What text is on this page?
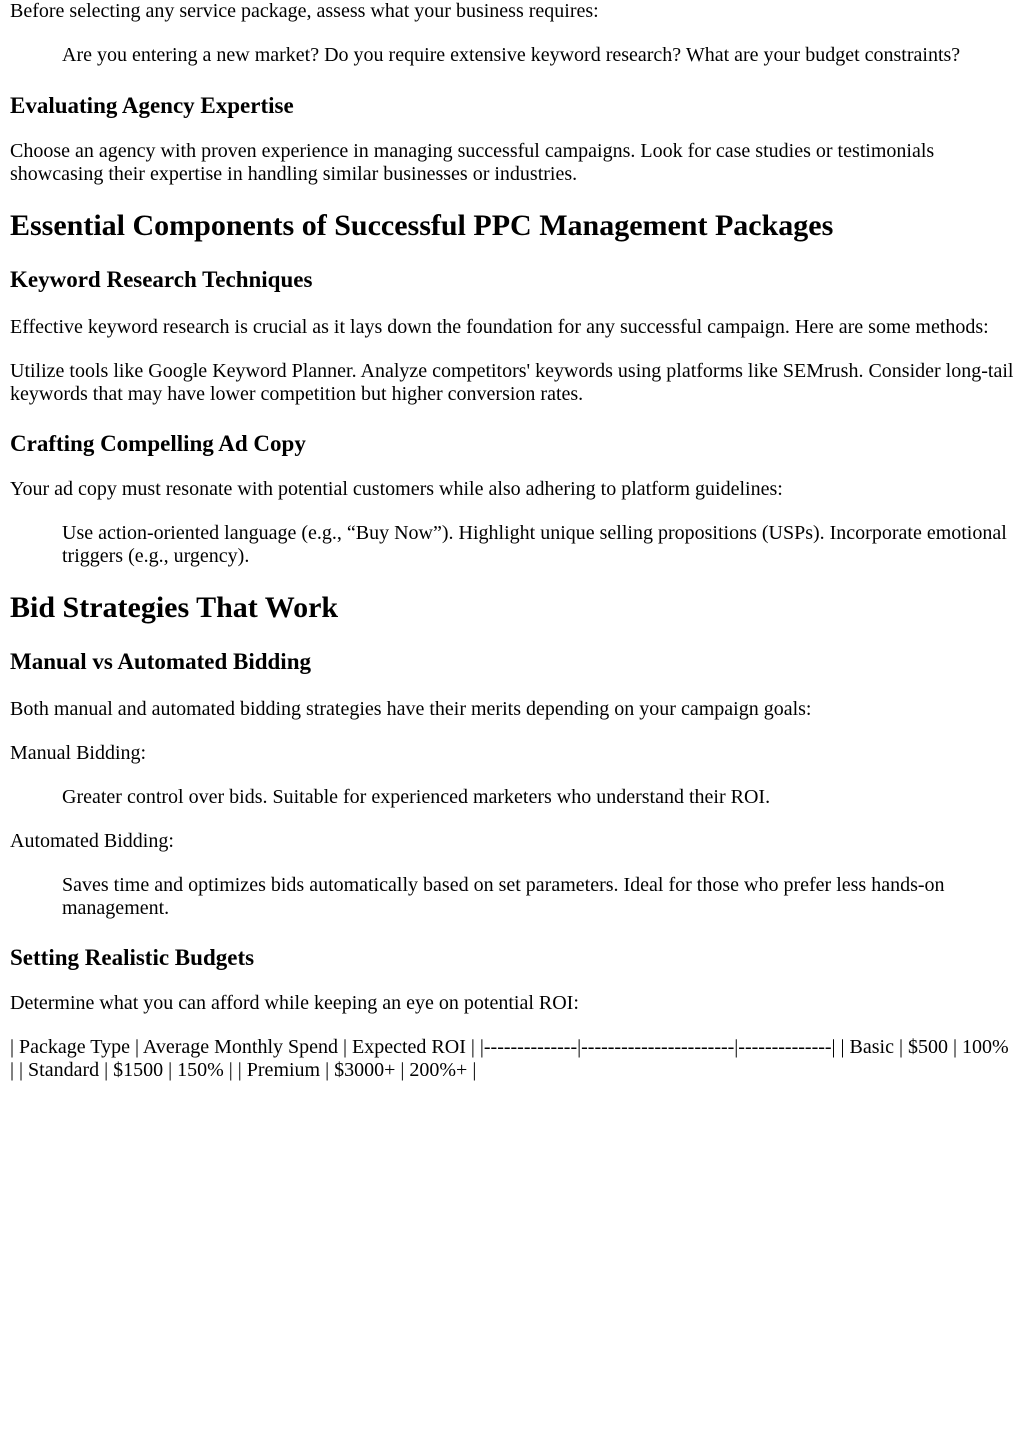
Before selecting any service package, assess what your business requires:

Are you entering a new market? Do you require extensive keyword research? What are your budget constraints?

Evaluating Agency Expertise

Choose an agency with proven experience in managing successful campaigns. Look for case studies or testimonials showcasing their expertise in handling similar businesses or industries.

Essential Components of Successful PPC Management Packages
Keyword Research Techniques

Effective keyword research is crucial as it lays down the foundation for any successful campaign. Here are some methods:

Utilize tools like Google Keyword Planner. Analyze competitors' keywords using platforms like SEMrush. Consider long-tail keywords that may have lower competition but higher conversion rates.

Crafting Compelling Ad Copy

Your ad copy must resonate with potential customers while also adhering to platform guidelines:

Use action-oriented language (e.g., “Buy Now”). Highlight unique selling propositions (USPs). Incorporate emotional triggers (e.g., urgency).

Bid Strategies That Work
Manual vs Automated Bidding

Both manual and automated bidding strategies have their merits depending on your campaign goals:

Manual Bidding:

Greater control over bids. Suitable for experienced marketers who understand their ROI.

Automated Bidding:

Saves time and optimizes bids automatically based on set parameters. Ideal for those who prefer less hands-on management.

Setting Realistic Budgets

Determine what you can afford while keeping an eye on potential ROI:

| Package Type | Average Monthly Spend | Expected ROI | |--------------|-----------------------|--------------| | Basic | $500 | 100% | | Standard | $1500 | 150% | | Premium | $3000+ | 200%+ |
